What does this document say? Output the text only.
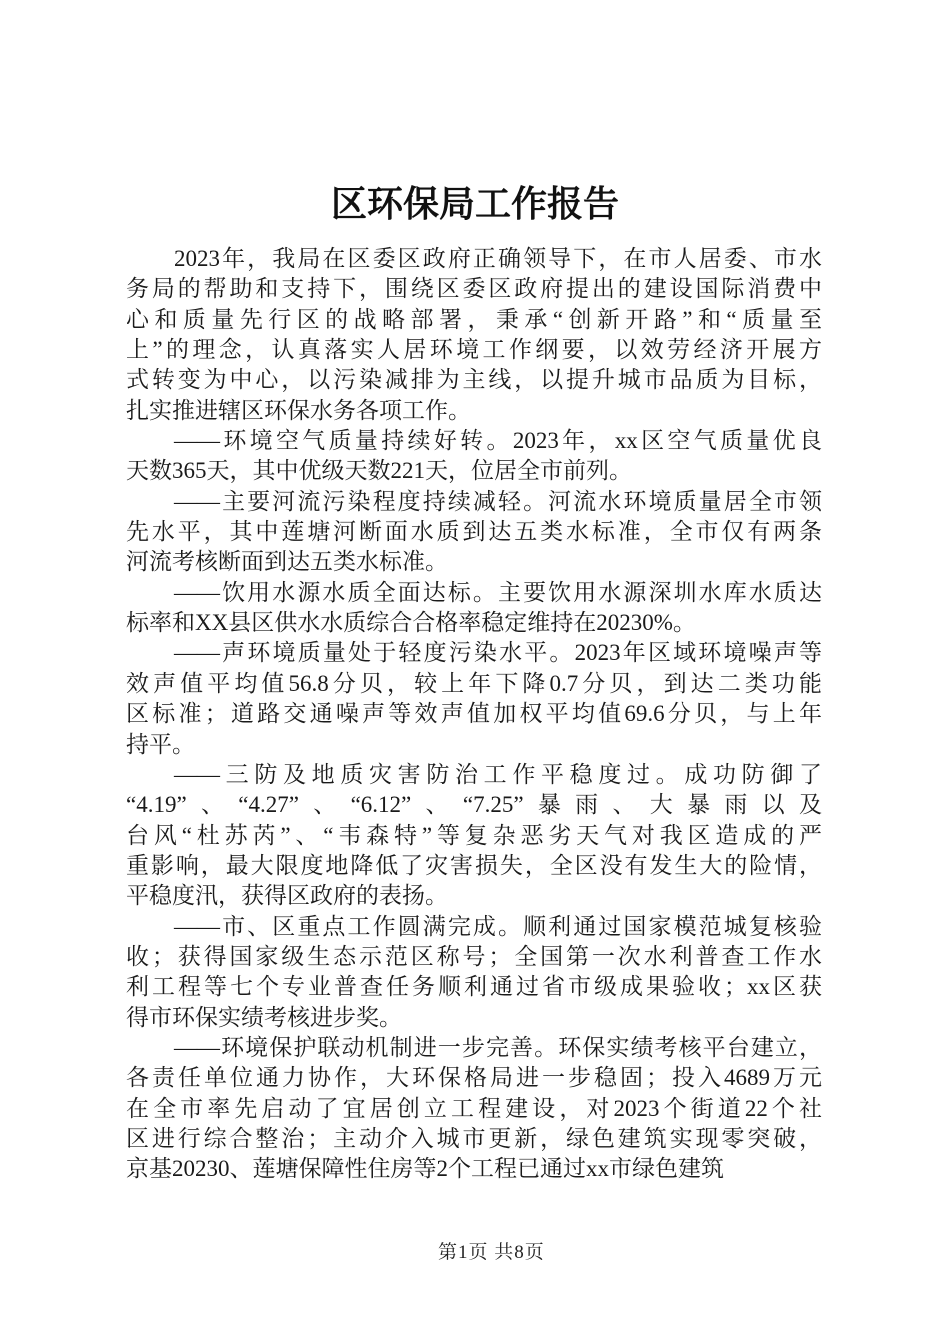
区环保局工作报告
2023年，我局在区委区政府正确领导下，在市人居委、市水
务局的帮助和支持下，围绕区委区政府提出的建设国际消费中
心和质量先行区的战略部署，秉承“创新开路”和“质量至
上”的理念，认真落实人居环境工作纲要，以效劳经济开展方
式转变为中心，以污染减排为主线，以提升城市品质为目标，
扎实推进辖区环保水务各项工作。
——环境空气质量持续好转。2023年，xx区空气质量优良
天数365天，其中优级天数221天，位居全市前列。
——主要河流污染程度持续减轻。河流水环境质量居全市领
先水平，其中莲塘河断面水质到达五类水标准，全市仅有两条
河流考核断面到达五类水标准。
——饮用水源水质全面达标。主要饮用水源深圳水库水质达
标率和XX县区供水水质综合合格率稳定维持在20230%。
——声环境质量处于轻度污染水平。2023年区域环境噪声等
效声值平均值56.8分贝，较上年下降0.7分贝，到达二类功能
区标准；道路交通噪声等效声值加权平均值69.6分贝，与上年
持平。
——三防及地质灾害防治工作平稳度过。成功防御了
“4.19”、“4.27”、“6.12”、“7.25”暴雨、大暴雨以及
台风“杜苏芮”、“韦森特”等复杂恶劣天气对我区造成的严
重影响，最大限度地降低了灾害损失，全区没有发生大的险情，
平稳度汛，获得区政府的表扬。
——市、区重点工作圆满完成。顺利通过国家模范城复核验
收；获得国家级生态示范区称号；全国第一次水利普查工作水
利工程等七个专业普查任务顺利通过省市级成果验收；xx区获
得市环保实绩考核进步奖。
——环境保护联动机制进一步完善。环保实绩考核平台建立，
各责任单位通力协作，大环保格局进一步稳固；投入4689万元
在全市率先启动了宜居创立工程建设，对2023个街道22个社
区进行综合整治；主动介入城市更新，绿色建筑实现零突破，
京基20230、莲塘保障性住房等2个工程已通过xx市绿色建筑
第1页 共8页
